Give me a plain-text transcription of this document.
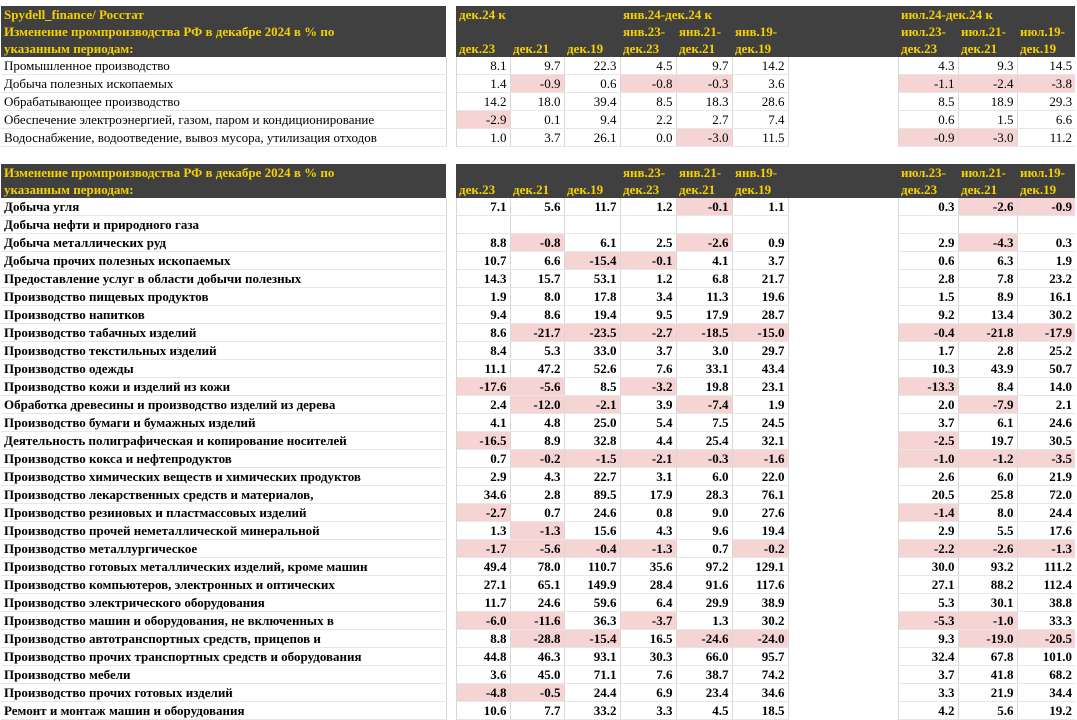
Spydell_finance/ Росстат		дек.24 к			янв.24-дек.24 к				июл.24-дек.24 к		
Изменение промпроизводства РФ в декабре 2024 в % по					янв.23-	янв.21-	янв.19-		июл.23-	июл.21-	июл.19-
указанным периодам:		дек.23	дек.21	дек.19	дек.23	дек.21	дек.19		дек.23	дек.21	дек.19
Промышленное производство		8.1	9.7	22.3	4.5	9.7	14.2		4.3	9.3	14.5
Добыча полезных ископаемых		1.4	-0.9	0.6	-0.8	-0.3	3.6		-1.1	-2.4	-3.8
Обрабатывающее производство		14.2	18.0	39.4	8.5	18.3	28.6		8.5	18.9	29.3
Обеспечение электроэнергией, газом, паром и кондиционирование		-2.9	0.1	9.4	2.2	2.7	7.4		0.6	1.5	6.6
Водоснабжение, водоотведение, вывоз мусора, утилизация отходов		1.0	3.7	26.1	0.0	-3.0	11.5		-0.9	-3.0	11.2
Изменение промпроизводства РФ в декабре 2024 в % по					янв.23-	янв.21-	янв.19-		июл.23-	июл.21-	июл.19-
указанным периодам:		дек.23	дек.21	дек.19	дек.23	дек.21	дек.19		дек.23	дек.21	дек.19
Добыча угля		7.1	5.6	11.7	1.2	-0.1	1.1		0.3	-2.6	-0.9
Добыча нефти и природного газа											
Добыча металлических руд		8.8	-0.8	6.1	2.5	-2.6	0.9		2.9	-4.3	0.3
Добыча прочих полезных ископаемых		10.7	6.6	-15.4	-0.1	4.1	3.7		0.6	6.3	1.9
Предоставление услуг в области добычи полезных		14.3	15.7	53.1	1.2	6.8	21.7		2.8	7.8	23.2
Производство пищевых продуктов		1.9	8.0	17.8	3.4	11.3	19.6		1.5	8.9	16.1
Производство напитков		9.4	8.6	19.4	9.5	17.9	28.7		9.2	13.4	30.2
Производство табачных изделий		8.6	-21.7	-23.5	-2.7	-18.5	-15.0		-0.4	-21.8	-17.9
Производство текстильных изделий		8.4	5.3	33.0	3.7	3.0	29.7		1.7	2.8	25.2
Производство одежды		11.1	47.2	52.6	7.6	33.1	43.4		10.3	43.9	50.7
Производство кожи и изделий из кожи		-17.6	-5.6	8.5	-3.2	19.8	23.1		-13.3	8.4	14.0
Обработка древесины и производство изделий из дерева		2.4	-12.0	-2.1	3.9	-7.4	1.9		2.0	-7.9	2.1
Производство бумаги и бумажных изделий		4.1	4.8	25.0	5.4	7.5	24.5		3.7	6.1	24.6
Деятельность полиграфическая и копирование носителей		-16.5	8.9	32.8	4.4	25.4	32.1		-2.5	19.7	30.5
Производство кокса и нефтепродуктов		0.7	-0.2	-1.5	-2.1	-0.3	-1.6		-1.0	-1.2	-3.5
Производство химических веществ и химических продуктов		2.9	4.3	22.7	3.1	6.0	22.0		2.6	6.0	21.9
Производство лекарственных средств и материалов,		34.6	2.8	89.5	17.9	28.3	76.1		20.5	25.8	72.0
Производство резиновых и пластмассовых изделий		-2.7	0.7	24.6	0.8	9.0	27.6		-1.4	8.0	24.4
Производство прочей неметаллической минеральной		1.3	-1.3	15.6	4.3	9.6	19.4		2.9	5.5	17.6
Производство металлургическое		-1.7	-5.6	-0.4	-1.3	0.7	-0.2		-2.2	-2.6	-1.3
Производство готовых металлических изделий, кроме машин		49.4	78.0	110.7	35.6	97.2	129.1		30.0	93.2	111.2
Производство компьютеров, электронных и оптических		27.1	65.1	149.9	28.4	91.6	117.6		27.1	88.2	112.4
Производство электрического оборудования		11.7	24.6	59.6	6.4	29.9	38.9		5.3	30.1	38.8
Производство машин и оборудования, не включенных в		-6.0	-11.6	36.3	-3.7	1.3	30.2		-5.3	-1.0	33.3
Производство автотранспортных средств, прицепов и		8.8	-28.8	-15.4	16.5	-24.6	-24.0		9.3	-19.0	-20.5
Производство прочих транспортных средств и оборудования		44.8	46.3	93.1	30.3	66.0	95.7		32.4	67.8	101.0
Производство мебели		3.6	45.0	71.1	7.6	38.7	74.2		3.7	41.8	68.2
Производство прочих готовых изделий		-4.8	-0.5	24.4	6.9	23.4	34.6		3.3	21.9	34.4
Ремонт и монтаж машин и оборудования		10.6	7.7	33.2	3.3	4.5	18.5		4.2	5.6	19.2
